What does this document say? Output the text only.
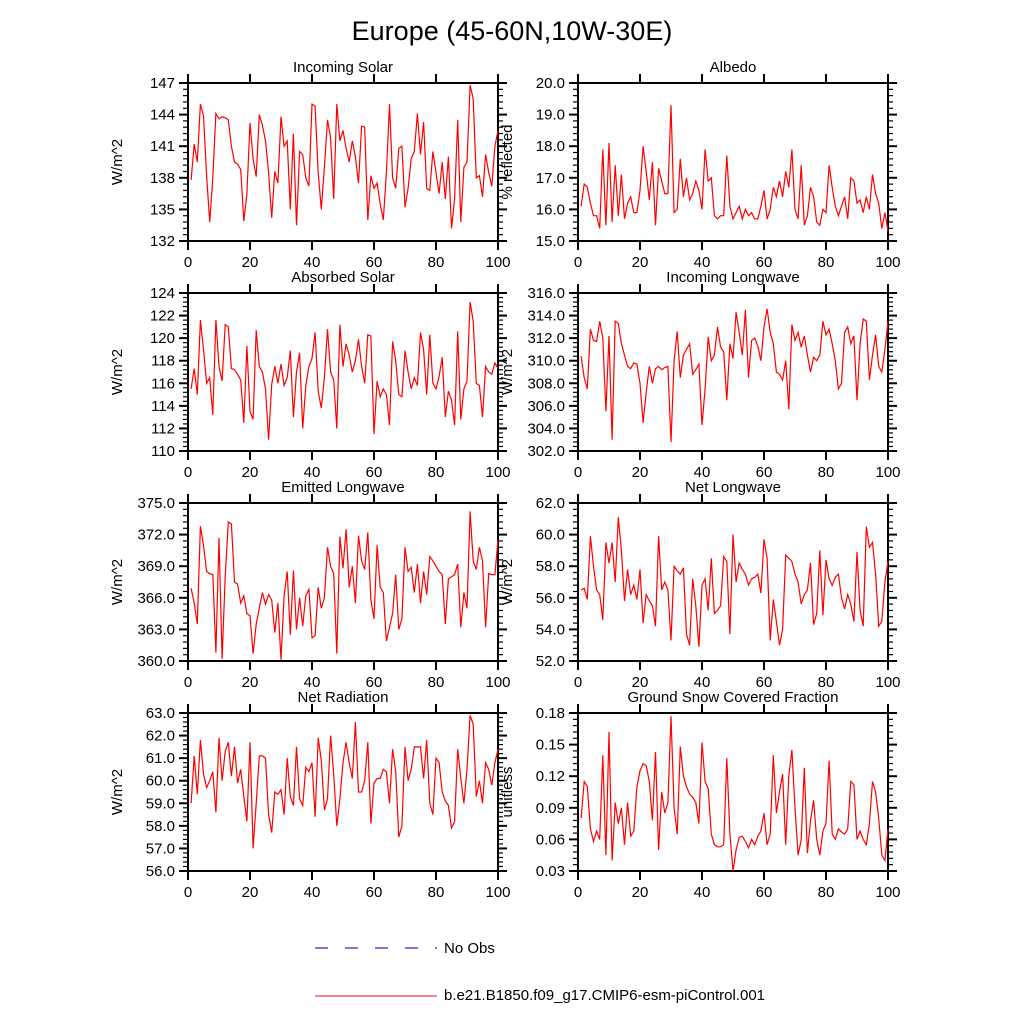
Europe (45-60N,10W-30E)
132
135
138
141
144
147
0	20	40	60	80	100
Incoming Solar
W/m^2
15.0
16.0
17.0
18.0
19.0
20.0
0	20	40	60	80	100
Albedo
% reflected
110
112
114
116
118
120
122
124
0	20	40	60	80	100
Absorbed Solar
W/m^2
302.0
304.0
306.0
308.0
310.0
312.0
314.0
316.0
0	20	40	60	80	100
Incoming Longwave
W/m^2
360.0
363.0
366.0
369.0
372.0
375.0
0	20	40	60	80	100
Emitted Longwave
W/m^2
52.0
54.0
56.0
58.0
60.0
62.0
0	20	40	60	80	100
Net Longwave
W/m^2
56.0
57.0
58.0
59.0
60.0
61.0
62.0
63.0
0	20	40	60	80	100
Net Radiation
W/m^2
0.03
0.06
0.09
0.12
0.15
0.18
0	20	40	60	80	100
Ground Snow Covered Fraction
unitless
No Obs
b.e21.B1850.f09_g17.CMIP6-esm-piControl.001
